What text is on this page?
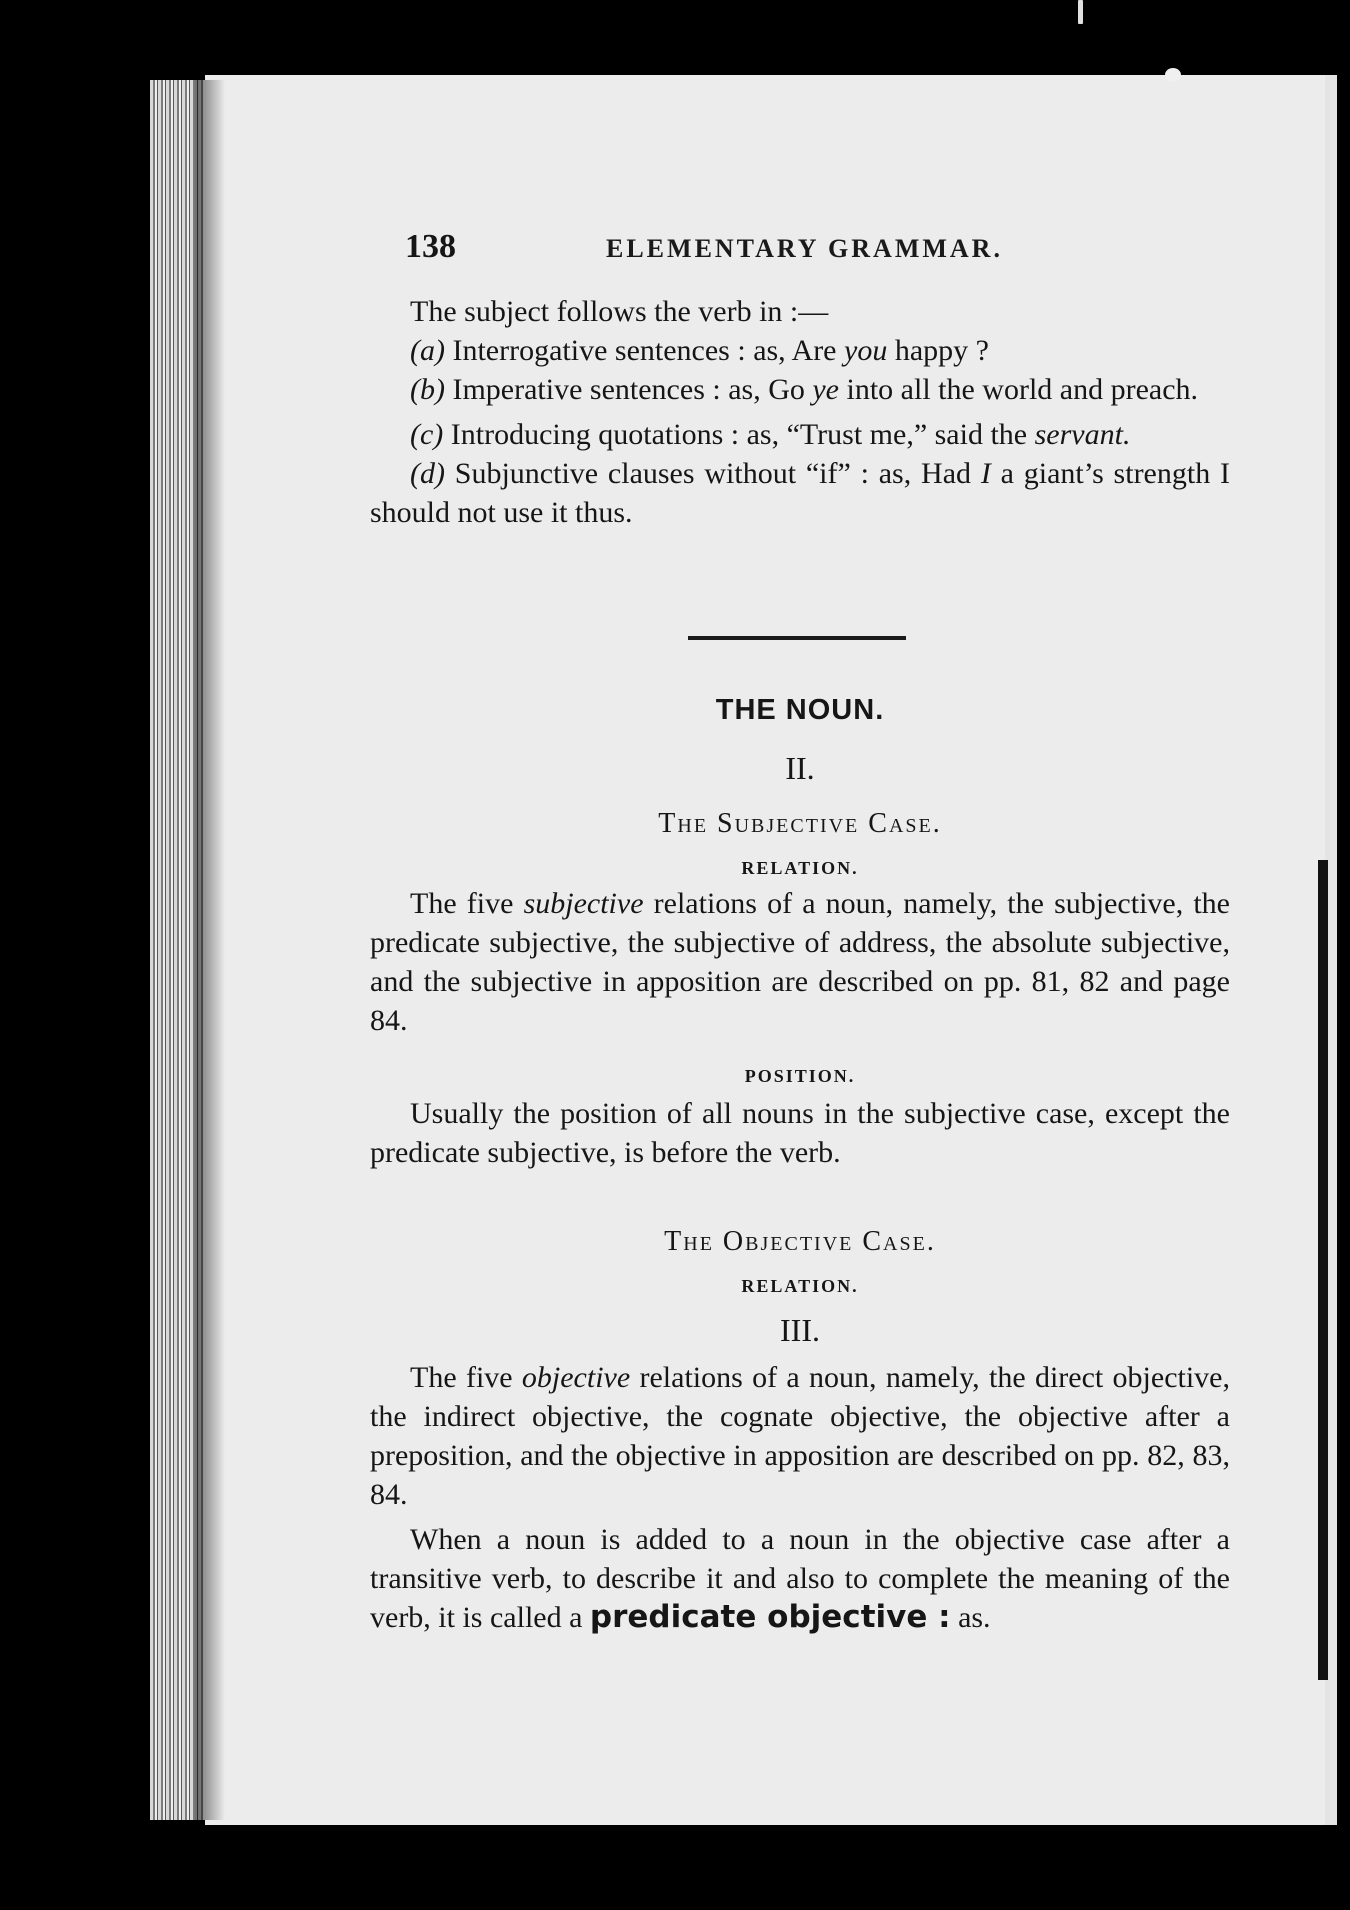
138	ELEMENTARY GRAMMAR.

The subject follows the verb in :—

(a) Interrogative sentences : as, Are you happy ?

(b) Imperative sentences : as, Go ye into all the world and preach.

(c) Introducing quotations : as, “Trust me,” said the servant.

(d) Subjunctive clauses without “if” : as, Had I a giant’s strength I should not use it thus.

THE NOUN.
II.
The Subjective Case.
RELATION.

The five subjective relations of a noun, namely, the subjective, the predicate subjective, the subjective of address, the absolute subjective, and the subjective in apposition are described on pp. 81, 82 and page 84.

POSITION.

Usually the position of all nouns in the subjective case, except the predicate subjective, is before the verb.

The Objective Case.
RELATION.
III.

The five objective relations of a noun, namely, the direct objective, the indirect objective, the cognate objective, the objective after a preposition, and the objective in apposition are described on pp. 82, 83, 84.

When a noun is added to a noun in the objective case after a transitive verb, to describe it and also to complete the meaning of the verb, it is called a predicate objective : as.
